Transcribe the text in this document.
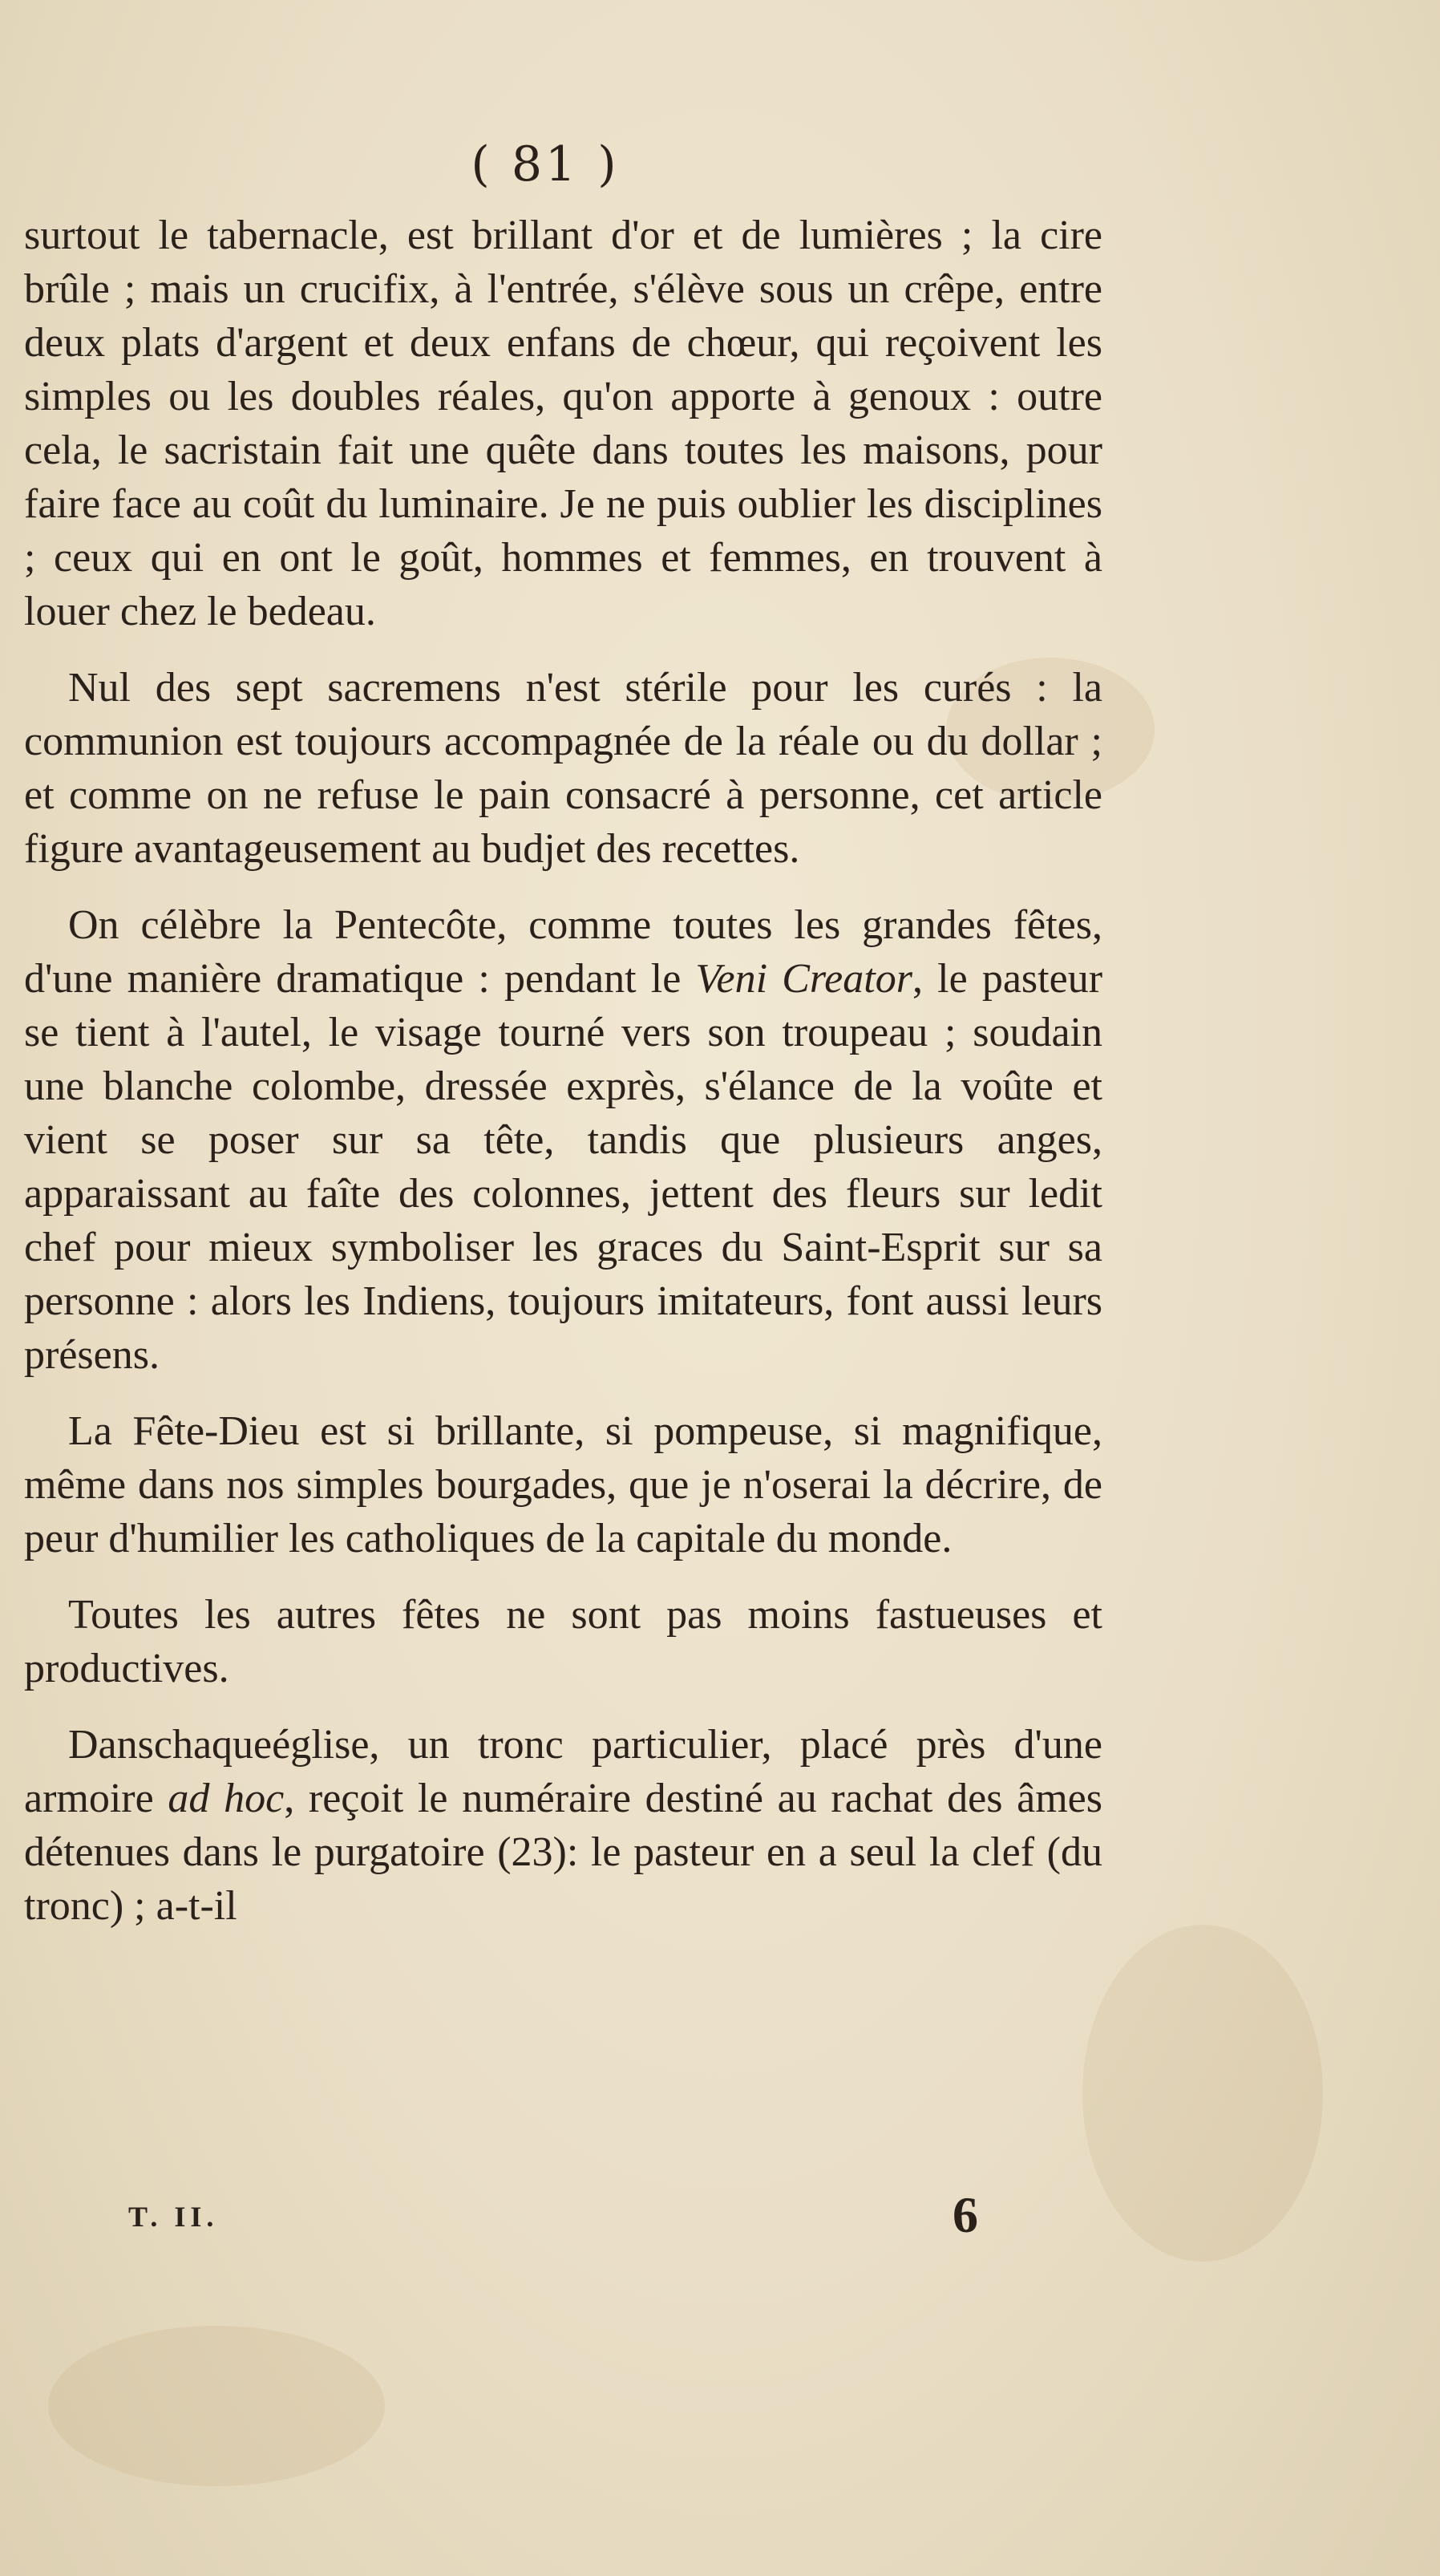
( 81 )

surtout le tabernacle, est brillant d'or et de lumières ; la cire brûle ; mais un crucifix, à l'entrée, s'élève sous un crêpe, entre deux plats d'argent et deux enfans de chœur, qui reçoivent les simples ou les doubles réales, qu'on apporte à genoux : outre cela, le sacristain fait une quête dans toutes les maisons, pour faire face au coût du luminaire. Je ne puis oublier les disciplines ; ceux qui en ont le goût, hommes et femmes, en trouvent à louer chez le bedeau.

Nul des sept sacremens n'est stérile pour les curés : la communion est toujours accompagnée de la réale ou du dollar ; et comme on ne refuse le pain consacré à personne, cet article figure avantageusement au budjet des recettes.

On célèbre la Pentecôte, comme toutes les grandes fêtes, d'une manière dramatique : pendant le Veni Creator, le pasteur se tient à l'autel, le visage tourné vers son troupeau ; soudain une blanche colombe, dressée exprès, s'élance de la voûte et vient se poser sur sa tête, tandis que plusieurs anges, apparaissant au faîte des colonnes, jettent des fleurs sur ledit chef pour mieux symboliser les graces du Saint-Esprit sur sa personne : alors les Indiens, toujours imitateurs, font aussi leurs présens.

La Fête-Dieu est si brillante, si pompeuse, si magnifique, même dans nos simples bourgades, que je n'oserai la décrire, de peur d'humilier les catholiques de la capitale du monde.

Toutes les autres fêtes ne sont pas moins fastueuses et productives.

Danschaqueéglise, un tronc particulier, placé près d'une armoire ad hoc, reçoit le numéraire destiné au rachat des âmes détenues dans le purgatoire (23): le pasteur en a seul la clef (du tronc) ; a-t-il

T. II.	6
